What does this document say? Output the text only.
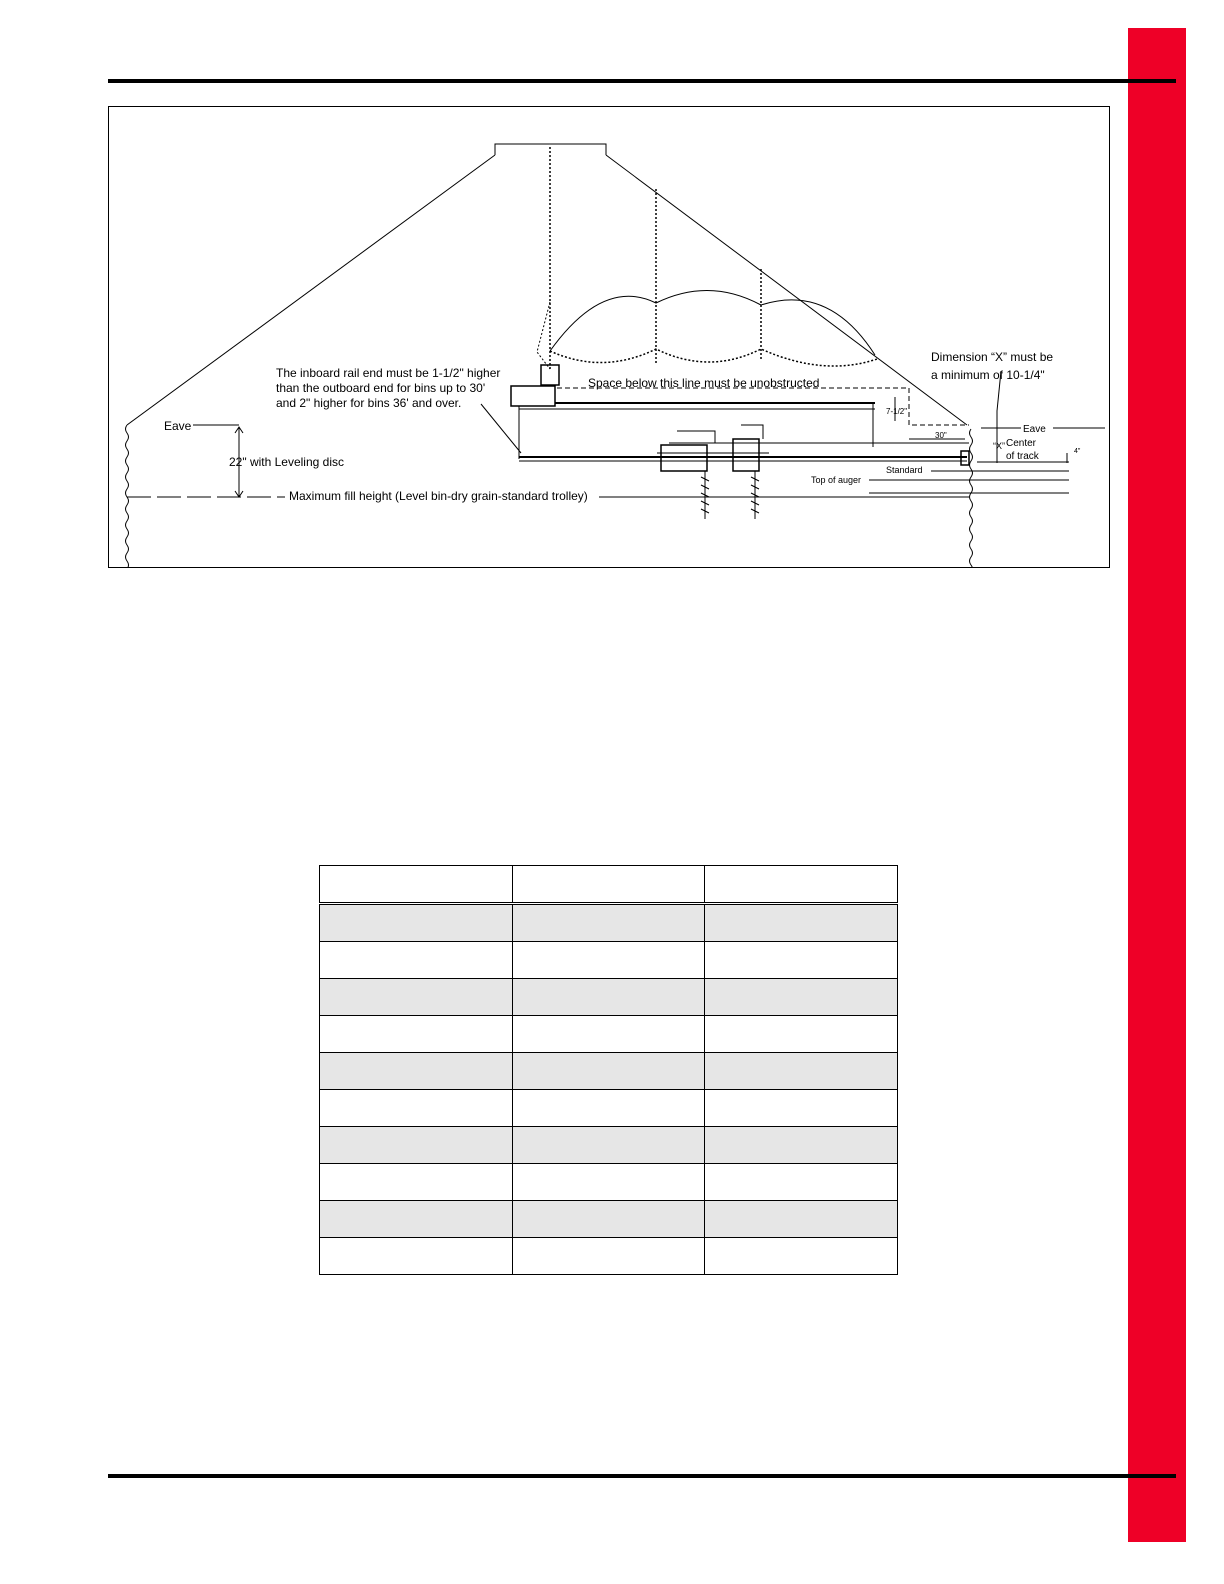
The inboard rail end must be 1-1/2" higher
than the outboard end for bins up to 30'
and 2" higher for bins 36' and over.
Dimension “X” must be
a minimum of 10-1/4"
Space below this line must be unobstructed
Eave	Eave
22" with Leveling disc
Maximum fill height (Level bin-dry grain-standard trolley)
7-1/2"
30"
“X” Center
of track	4"
Standard
Top of auger
